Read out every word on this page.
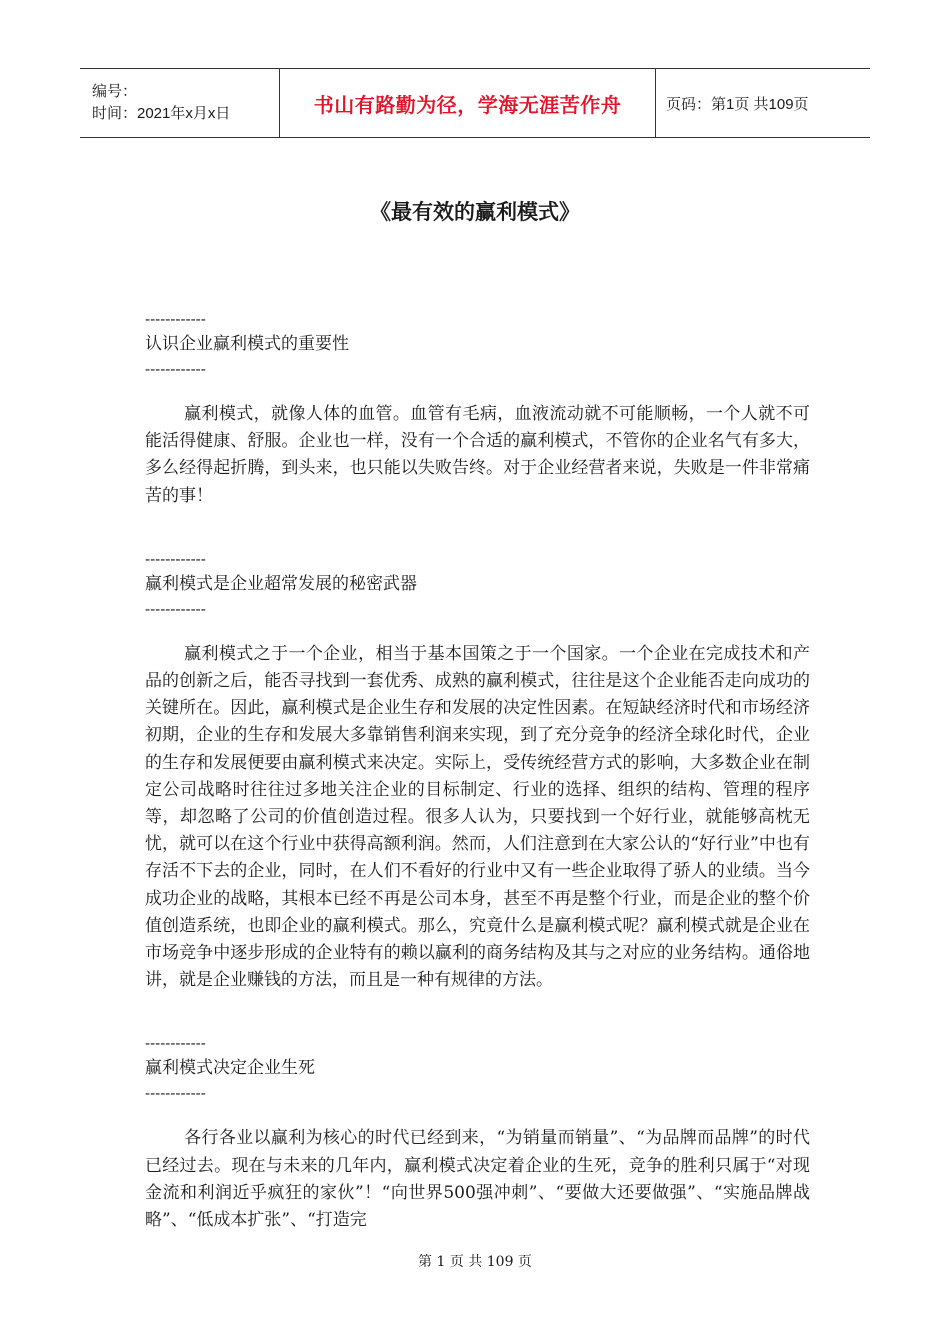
编号：
时间：2021年x月x日	书山有路勤为径，学海无涯苦作舟	页码：第1页 共109页
《最有效的赢利模式》
------------
认识企业赢利模式的重要性
------------

赢利模式，就像人体的血管。血管有毛病，血液流动就不可能顺畅，一个人就不可能活得健康、舒服。企业也一样，没有一个合适的赢利模式，不管你的企业名气有多大，多么经得起折腾，到头来，也只能以失败告终。对于企业经营者来说，失败是一件非常痛苦的事！

------------
赢利模式是企业超常发展的秘密武器
------------

赢利模式之于一个企业，相当于基本国策之于一个国家。一个企业在完成技术和产品的创新之后，能否寻找到一套优秀、成熟的赢利模式，往往是这个企业能否走向成功的关键所在。因此，赢利模式是企业生存和发展的决定性因素。在短缺经济时代和市场经济初期，企业的生存和发展大多靠销售利润来实现，到了充分竞争的经济全球化时代，企业的生存和发展便要由赢利模式来决定。实际上，受传统经营方式的影响，大多数企业在制定公司战略时往往过多地关注企业的目标制定、行业的选择、组织的结构、管理的程序等，却忽略了公司的价值创造过程。很多人认为，只要找到一个好行业，就能够高枕无忧，就可以在这个行业中获得高额利润。然而，人们注意到在大家公认的“好行业”中也有存活不下去的企业，同时，在人们不看好的行业中又有一些企业取得了骄人的业绩。当今成功企业的战略，其根本已经不再是公司本身，甚至不再是整个行业，而是企业的整个价值创造系统，也即企业的赢利模式。那么，究竟什么是赢利模式呢？赢利模式就是企业在市场竞争中逐步形成的企业特有的赖以赢利的商务结构及其与之对应的业务结构。通俗地讲，就是企业赚钱的方法，而且是一种有规律的方法。

------------
赢利模式决定企业生死
------------

各行各业以赢利为核心的时代已经到来，“为销量而销量”、“为品牌而品牌”的时代已经过去。现在与未来的几年内，赢利模式决定着企业的生死，竞争的胜利只属于“对现金流和利润近乎疯狂的家伙”！“向世界500强冲刺”、“要做大还要做强”、“实施品牌战略”、“低成本扩张”、“打造完

第 1 页 共 109 页
